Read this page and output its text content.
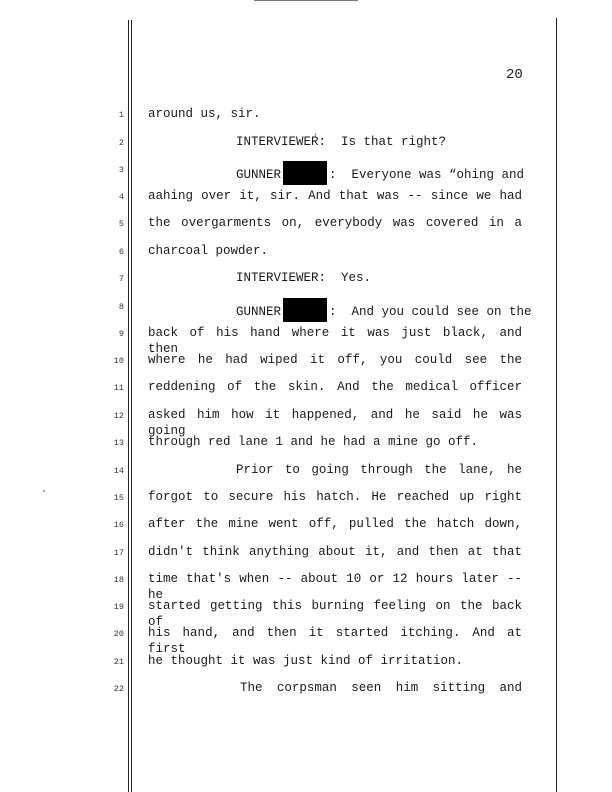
20
1
2
3
4
5
6
7
8
9
10
11
12
13
14
15
16
17
18
19
20
21
22
around us, sir.
INTERVIEWER:  Is that right?
GUNNER	:  Everyone was “ohing and
aahing over it, sir. And that was -- since we had
the overgarments on, everybody was covered in a
charcoal powder.
INTERVIEWER:  Yes.
GUNNER	:  And you could see on the
back of his hand where it was just black, and then
where he had wiped it off, you could see the
reddening of the skin. And the medical officer
asked him how it happened, and he said he was going
through red lane 1 and he had a mine go off.
Prior to going through the lane, he
forgot to secure his hatch. He reached up right
after the mine went off, pulled the hatch down,
didn't think anything about it, and then at that
time that's when -- about 10 or 12 hours later -- he
started getting this burning feeling on the back of
his hand, and then it started itching. And at first
he thought it was just kind of irritation.
The corpsman seen him sitting and
